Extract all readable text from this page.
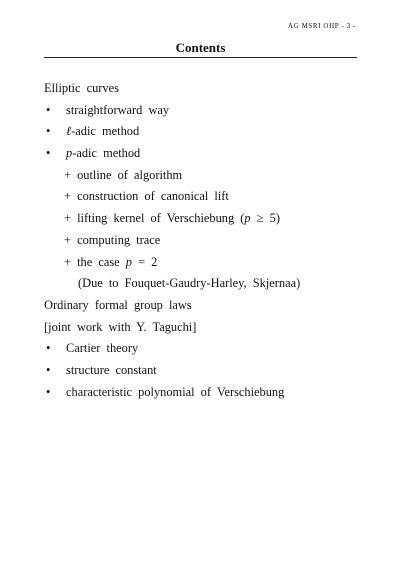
AG MSRI OHP - 3 -
Contents
Elliptic curves
• straightforward way
• ℓ-adic method
• p-adic method
+ outline of algorithm
+ construction of canonical lift
+ lifting kernel of Verschiebung (p ≥ 5)
+ computing trace
+ the case p = 2
(Due to Fouquet-Gaudry-Harley, Skjernaa)
Ordinary formal group laws
[joint work with Y. Taguchi]
• Cartier theory
• structure constant
• characteristic polynomial of Verschiebung
